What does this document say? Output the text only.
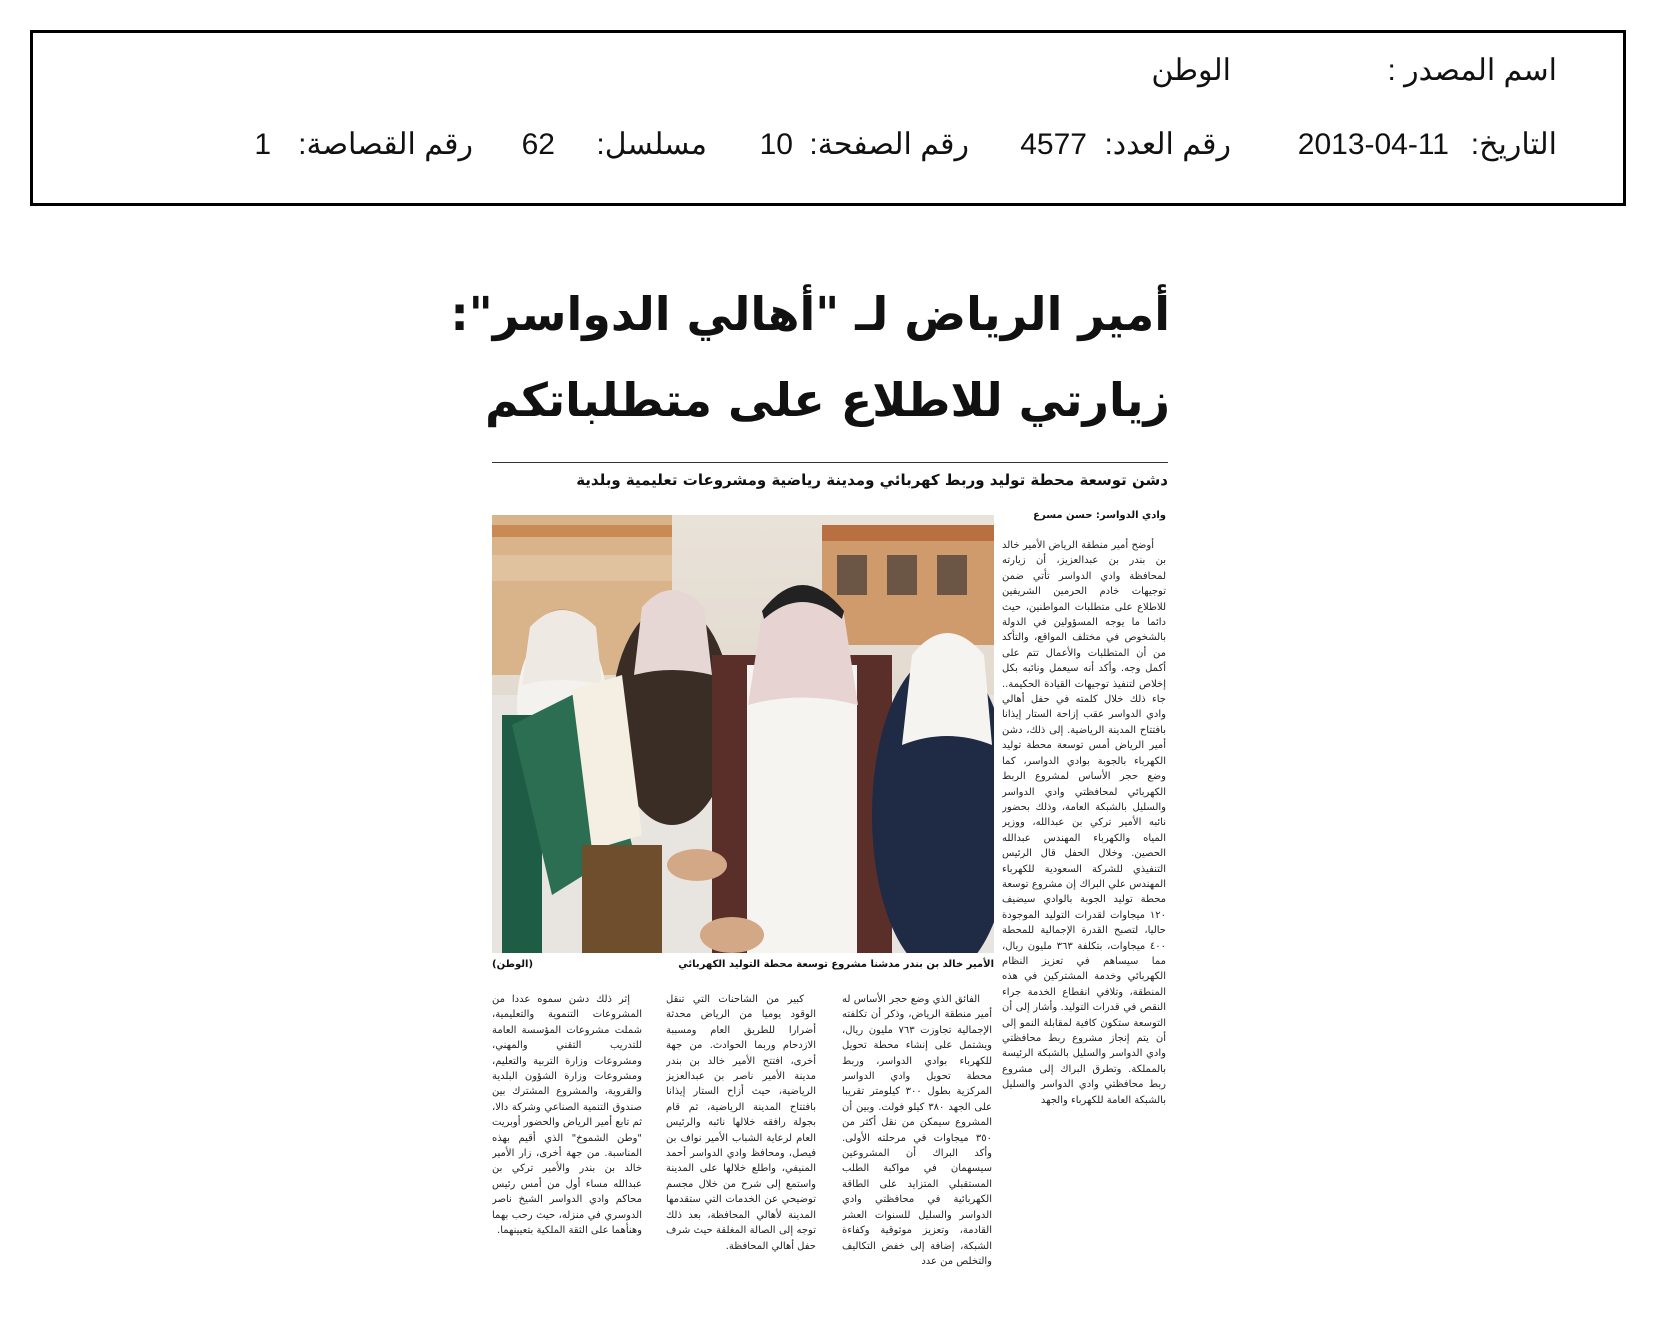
اسم المصدر :
الوطن
التاريخ:
2013-04-11
رقم العدد:
4577
رقم الصفحة:
10
مسلسل:
62
رقم القصاصة:
1
أمير الرياض لـ "أهالي الدواسر":
زيارتي للاطلاع على متطلباتكم
دشن توسعة محطة توليد وربط كهربائي ومدينة رياضية ومشروعات تعليمية وبلدية
وادي الدواسر: حسن مسرع
الأمير خالد بن بندر مدشنا مشروع توسعة محطة التوليد الكهربائي
(الوطن)

أوضح أمير منطقة الرياض الأمير خالد بن بندر بن عبدالعزيز، أن زيارته لمحافظة وادي الدواسر تأتي ضمن توجيهات خادم الحرمين الشريفين للاطلاع على متطلبات المواطنين، حيث دائما ما يوجه المسؤولين في الدولة بالشخوص في مختلف المواقع، والتأكد من أن المتطلبات والأعمال تتم على أكمل وجه. وأكد أنه سيعمل ونائبه بكل إخلاص لتنفيذ توجيهات القيادة الحكيمة.. جاء ذلك خلال كلمته في حفل أهالي وادي الدواسر عقب إزاحة الستار إيذانا بافتتاح المدينة الرياضية. إلى ذلك، دشن أمير الرياض أمس توسعة محطة توليد الكهرباء بالجوبة بوادي الدواسر، كما وضع حجر الأساس لمشروع الربط الكهربائي لمحافظتي وادي الدواسر والسليل بالشبكة العامة، وذلك بحضور نائبه الأمير تركي بن عبدالله، ووزير المياه والكهرباء المهندس عبدالله الحصين. وخلال الحفل قال الرئيس التنفيذي للشركة السعودية للكهرباء المهندس علي البراك إن مشروع توسعة محطة توليد الجوبة بالوادي سيضيف ١٢٠ ميجاوات لقدرات التوليد الموجودة حاليا، لتصبح القدرة الإجمالية للمحطة ٤٠٠ ميجاوات، بتكلفة ٣٦٣ مليون ريال، مما سيساهم في تعزيز النظام الكهربائي وخدمة المشتركين في هذه المنطقة، وتلافي انقطاع الخدمة جراء النقص في قدرات التوليد. وأشار إلى أن التوسعة ستكون كافية لمقابلة النمو إلى أن يتم إنجاز مشروع ربط محافظتي وادي الدواسر والسليل بالشبكة الرئيسة بالمملكة. وتطرق البراك إلى مشروع ربط محافظتي وادي الدواسر والسليل بالشبكة العامة للكهرباء والجهد

الفائق الذي وضع حجر الأساس له أمير منطقة الرياض، وذكر أن تكلفته الإجمالية تجاوزت ٧٦٣ مليون ريال، ويشتمل على إنشاء محطة تحويل للكهرباء بوادي الدواسر، وربط محطة تحويل وادي الدواسر المركزية بطول ٣٠٠ كيلومتر تقريبا على الجهد ٣٨٠ كيلو فولت. وبين أن المشروع سيمكن من نقل أكثر من ٣٥٠ ميجاوات في مرحلته الأولى. وأكد البراك أن المشروعين سيسهمان في مواكبة الطلب المستقبلي المتزايد على الطاقة الكهربائية في محافظتي وادي الدواسر والسليل للسنوات العشر القادمة، وتعزيز موثوقية وكفاءة الشبكة، إضافة إلى خفض التكاليف والتخلص من عدد

كبير من الشاحنات التي تنقل الوقود يوميا من الرياض محدثة أضرارا للطريق العام ومسببة الازدحام وربما الحوادث. من جهة أخرى، افتتح الأمير خالد بن بندر مدينة الأمير ناصر بن عبدالعزيز الرياضية، حيث أزاح الستار إيذانا بافتتاح المدينة الرياضية، ثم قام بجولة رافقه خلالها نائبه والرئيس العام لرعاية الشباب الأمير نواف بن فيصل، ومحافظ وادي الدواسر أحمد المنيفي، واطلع خلالها على المدينة واستمع إلى شرح من خلال مجسم توضيحي عن الخدمات التي ستقدمها المدينة لأهالي المحافظة، بعد ذلك توجه إلى الصالة المغلقة حيث شرف حفل أهالي المحافظة.

إثر ذلك دشن سموه عددا من المشروعات التنموية والتعليمية، شملت مشروعات المؤسسة العامة للتدريب التقني والمهني، ومشروعات وزارة التربية والتعليم، ومشروعات وزارة الشؤون البلدية والقروية، والمشروع المشترك بين صندوق التنمية الصناعي وشركة دالا، ثم تابع أمير الرياض والحضور أوبريت "وطن الشموخ" الذي أقيم بهذه المناسبة. من جهة أخرى، زار الأمير خالد بن بندر والأمير تركي بن عبدالله مساء أول من أمس رئيس محاكم وادي الدواسر الشيخ ناصر الدوسري في منزله، حيث رحب بهما وهنأهما على الثقة الملكية بتعيينهما.
